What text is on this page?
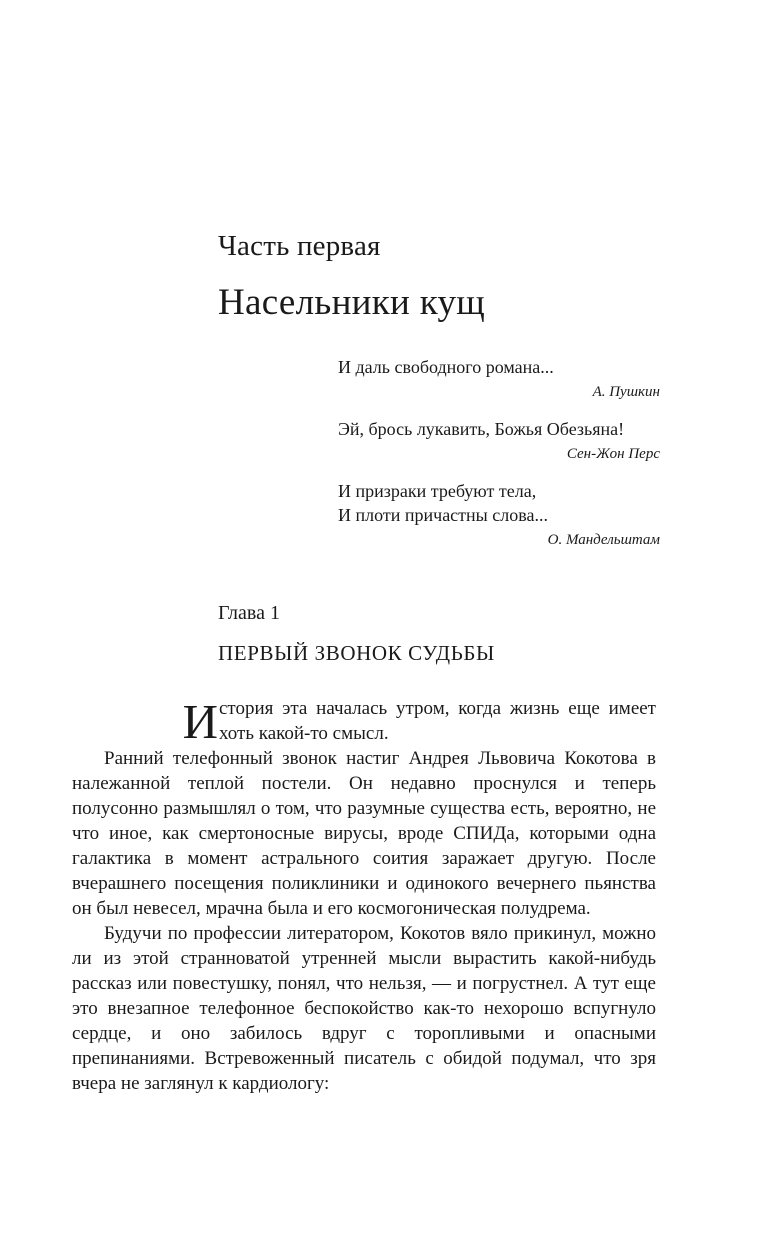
Часть первая
Насельники кущ
И даль свободного романа...
А. Пушкин
Эй, брось лукавить, Божья Обезьяна!
Сен-Жон Перс
И призраки требуют тела,
И плоти причастны слова...
О. Мандельштам
Глава 1
ПЕРВЫЙ ЗВОНОК СУДЬБЫ

История эта началась утром, когда жизнь еще имеет хоть какой-то смысл.

Ранний телефонный звонок настиг Андрея Львовича Кокотова в належанной теплой постели. Он недавно проснулся и теперь полусонно размышлял о том, что разумные существа есть, вероятно, не что иное, как смертоносные вирусы, вроде СПИДа, которыми одна галактика в момент астрального соития заражает другую. После вчерашнего посещения поликлиники и одинокого вечернего пьянства он был невесел, мрачна была и его космогоническая полудрема.

Будучи по профессии литератором, Кокотов вяло прикинул, можно ли из этой странноватой утренней мысли вырастить какой-нибудь рассказ или повестушку, понял, что нельзя, — и погрустнел. А тут еще это внезапное телефонное беспокойство как-то нехорошо вспугнуло сердце, и оно забилось вдруг с торопливыми и опасными препинаниями. Встревоженный писатель с обидой подумал, что зря вчера не заглянул к кардиологу:
